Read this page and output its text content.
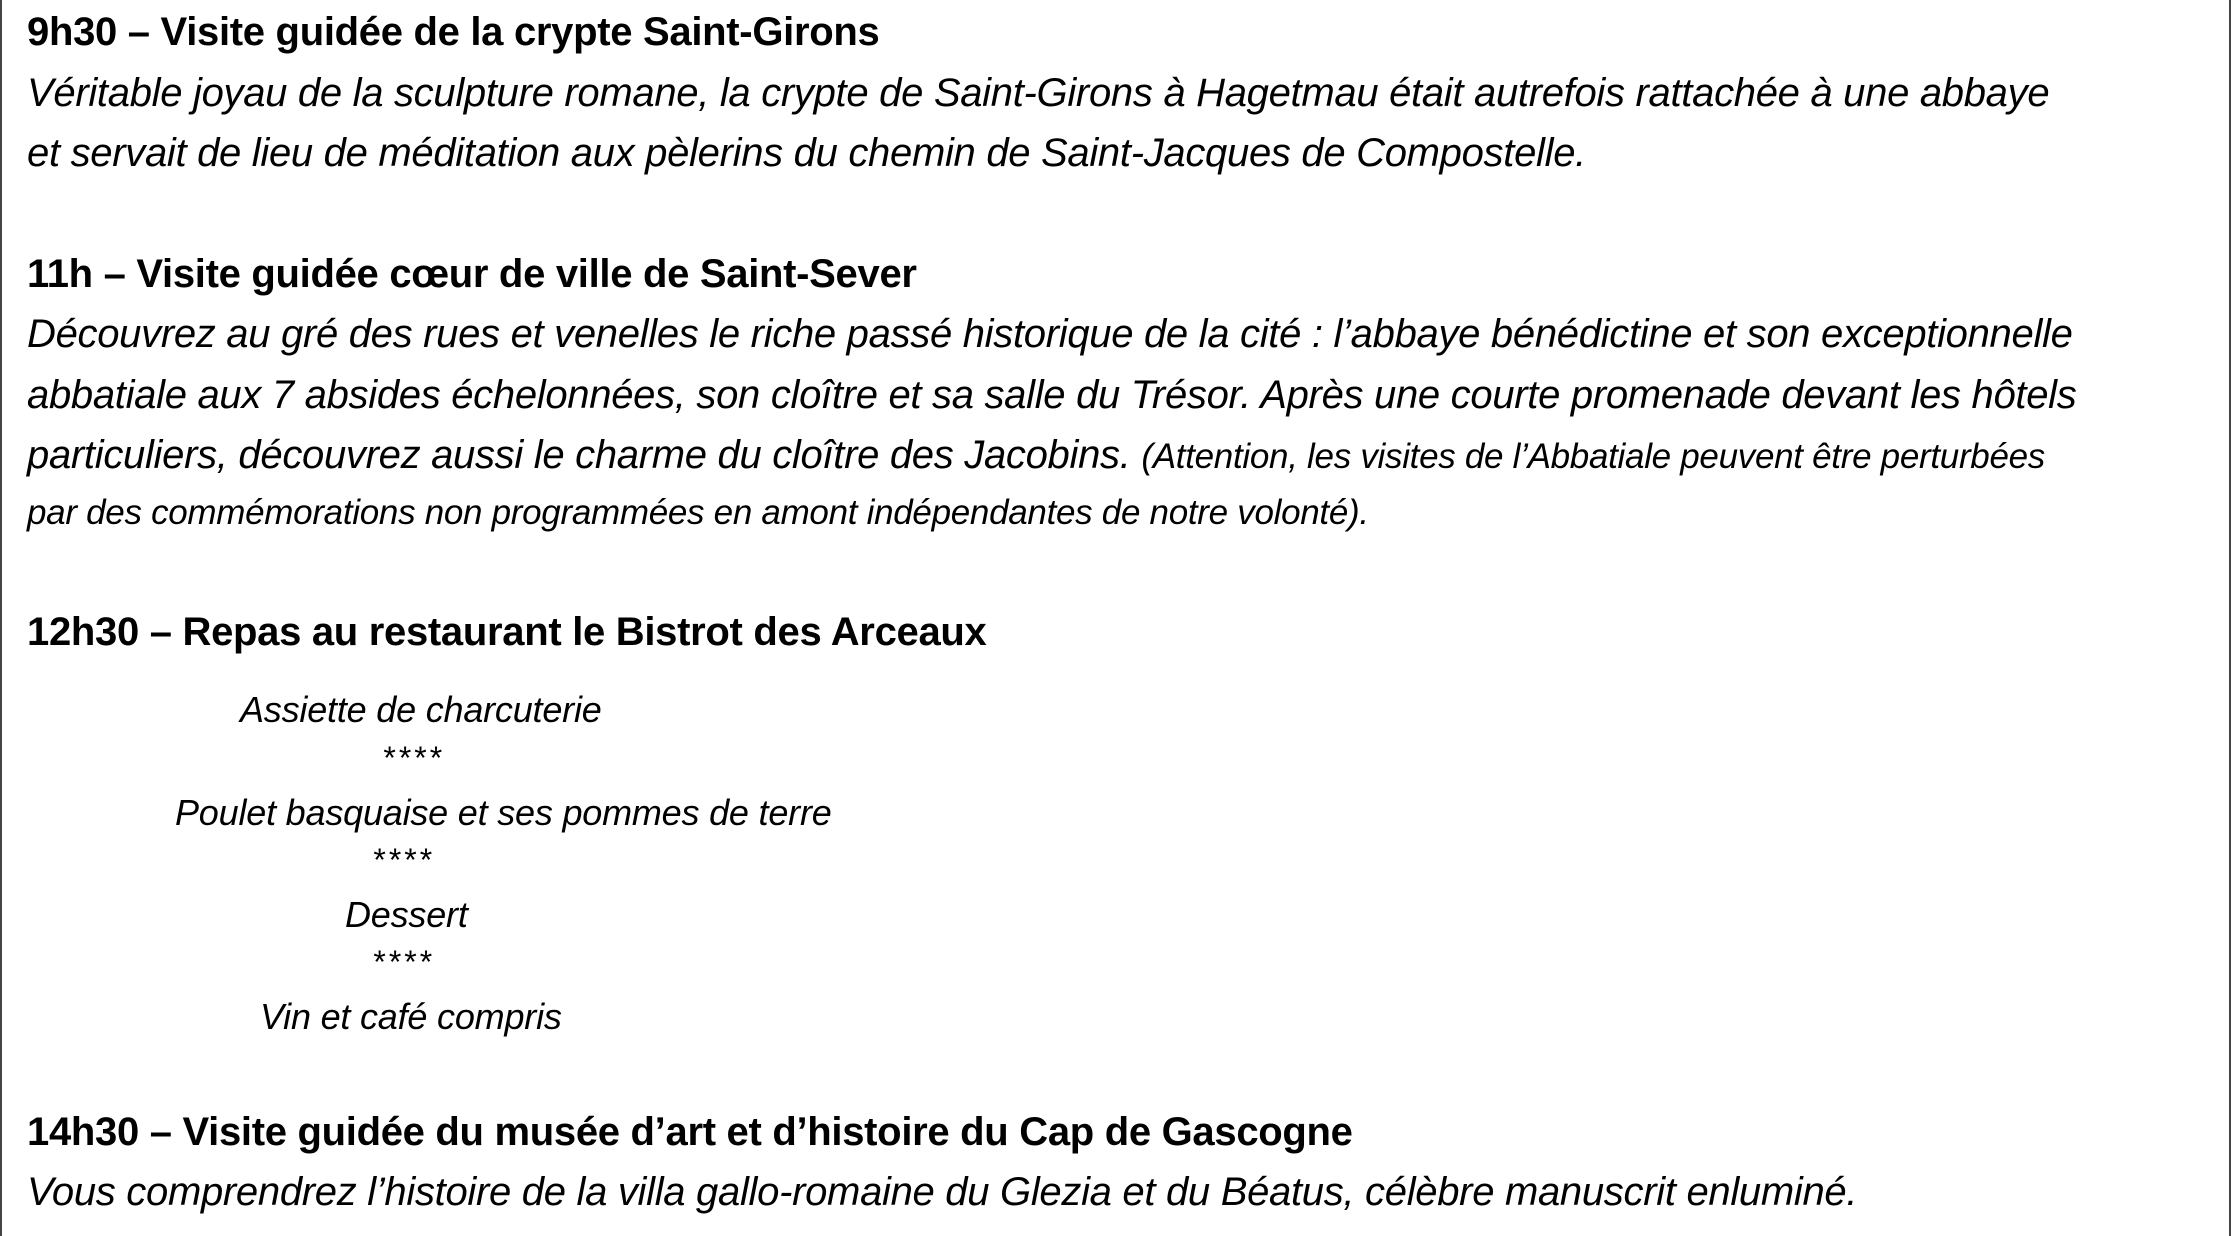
9h30 – Visite guidée de la crypte Saint-Girons
Véritable joyau de la sculpture romane, la crypte de Saint-Girons à Hagetmau était autrefois rattachée à une abbaye
et servait de lieu de méditation aux pèlerins du chemin de Saint-Jacques de Compostelle.
11h – Visite guidée cœur de ville de Saint-Sever
Découvrez au gré des rues et venelles le riche passé historique de la cité : l’abbaye bénédictine et son exceptionnelle
abbatiale aux 7 absides échelonnées, son cloître et sa salle du Trésor. Après une courte promenade devant les hôtels
particuliers, découvrez aussi le charme du cloître des Jacobins. (Attention, les visites de l’Abbatiale peuvent être perturbées
par des commémorations non programmées en amont indépendantes de notre volonté).
12h30 – Repas au restaurant le Bistrot des Arceaux
Assiette de charcuterie
****
Poulet basquaise et ses pommes de terre
****
Dessert
****
Vin et café compris
14h30 – Visite guidée du musée d’art et d’histoire du Cap de Gascogne
Vous comprendrez l’histoire de la villa gallo-romaine du Glezia et du Béatus, célèbre manuscrit enluminé.
